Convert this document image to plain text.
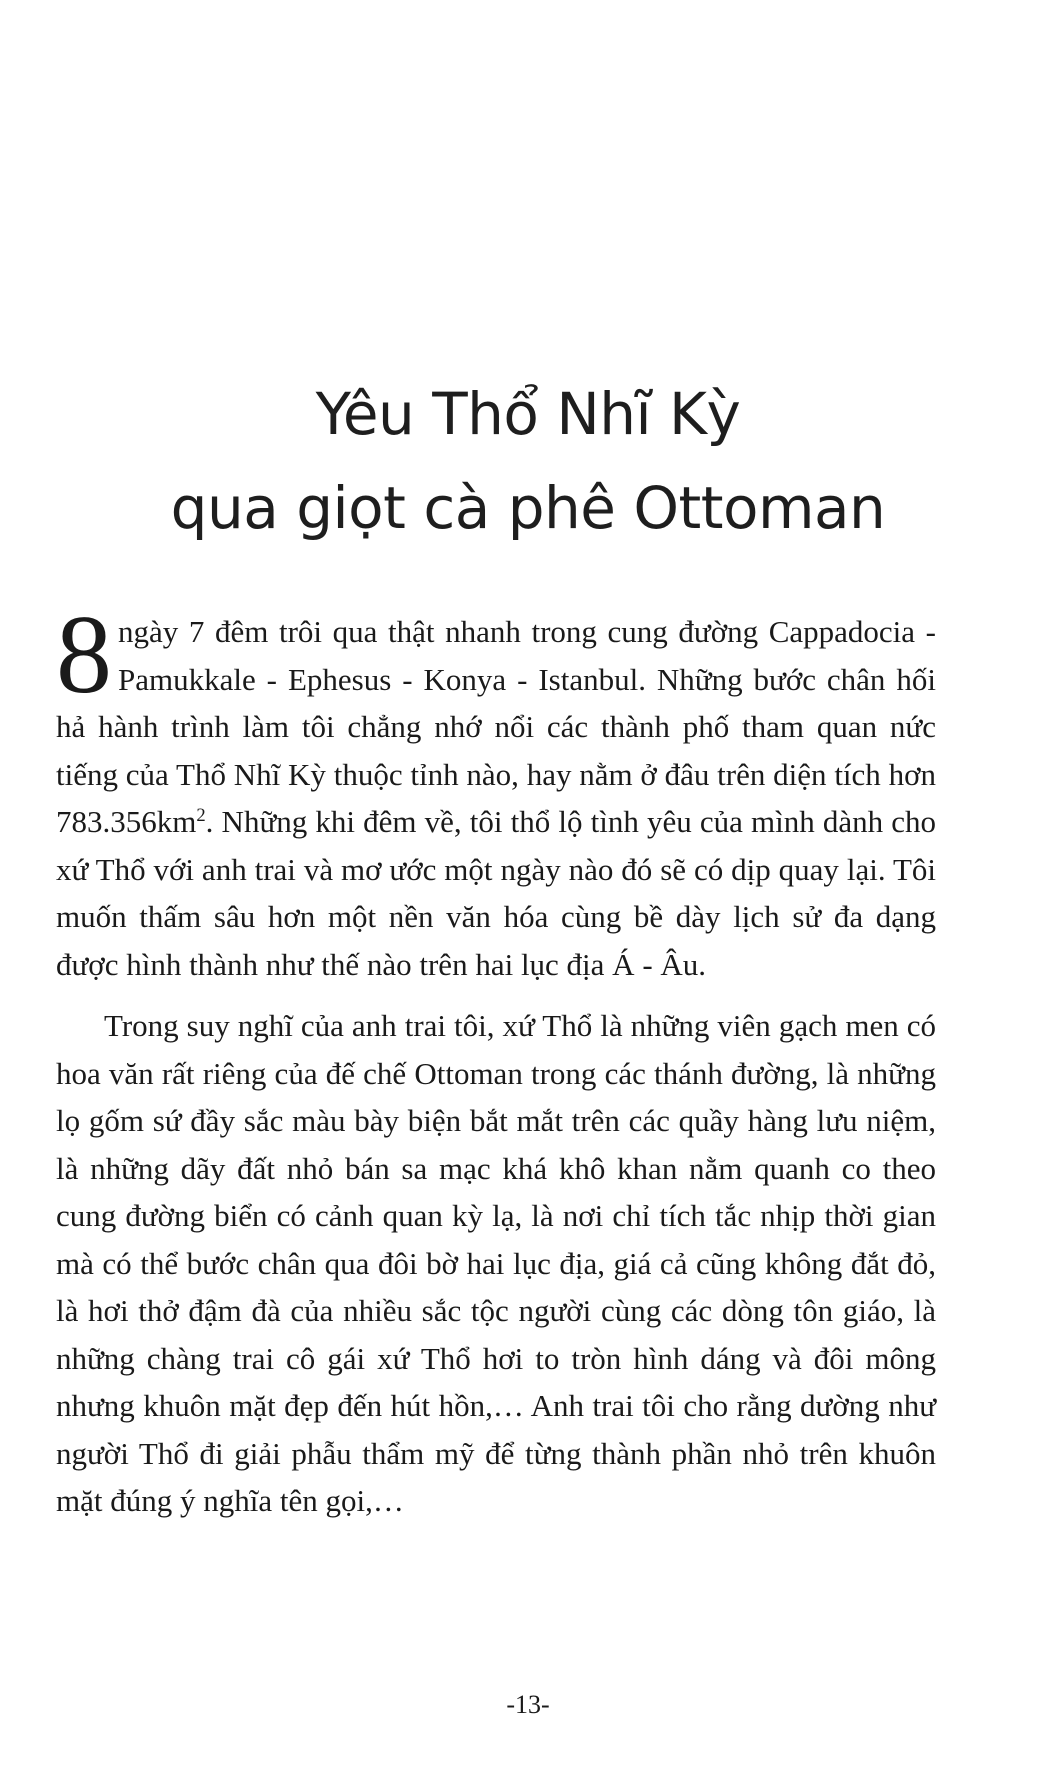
Yêu Thổ Nhĩ Kỳ
qua giọt cà phê Ottoman

8 ngày 7 đêm trôi qua thật nhanh trong cung đường Cappadocia - Pamukkale - Ephesus - Konya - Istanbul. Những bước chân hối hả hành trình làm tôi chẳng nhớ nổi các thành phố tham quan nức tiếng của Thổ Nhĩ Kỳ thuộc tỉnh nào, hay nằm ở đâu trên diện tích hơn $783.356km^2$. Những khi đêm về, tôi thổ lộ tình yêu của mình dành cho xứ Thổ với anh trai và mơ ước một ngày nào đó sẽ có dịp quay lại. Tôi muốn thấm sâu hơn một nền văn hóa cùng bề dày lịch sử đa dạng được hình thành như thế nào trên hai lục địa Á - Âu.

Trong suy nghĩ của anh trai tôi, xứ Thổ là những viên gạch men có hoa văn rất riêng của đế chế Ottoman trong các thánh đường, là những lọ gốm sứ đầy sắc màu bày biện bắt mắt trên các quầy hàng lưu niệm, là những dãy đất nhỏ bán sa mạc khá khô khan nằm quanh co theo cung đường biển có cảnh quan kỳ lạ, là nơi chỉ tích tắc nhịp thời gian mà có thể bước chân qua đôi bờ hai lục địa, giá cả cũng không đắt đỏ, là hơi thở đậm đà của nhiều sắc tộc người cùng các dòng tôn giáo, là những chàng trai cô gái xứ Thổ hơi to tròn hình dáng và đôi mông nhưng khuôn mặt đẹp đến hút hồn,… Anh trai tôi cho rằng dường như người Thổ đi giải phẫu thẩm mỹ để từng thành phần nhỏ trên khuôn mặt đúng ý nghĩa tên gọi,…

-13-
